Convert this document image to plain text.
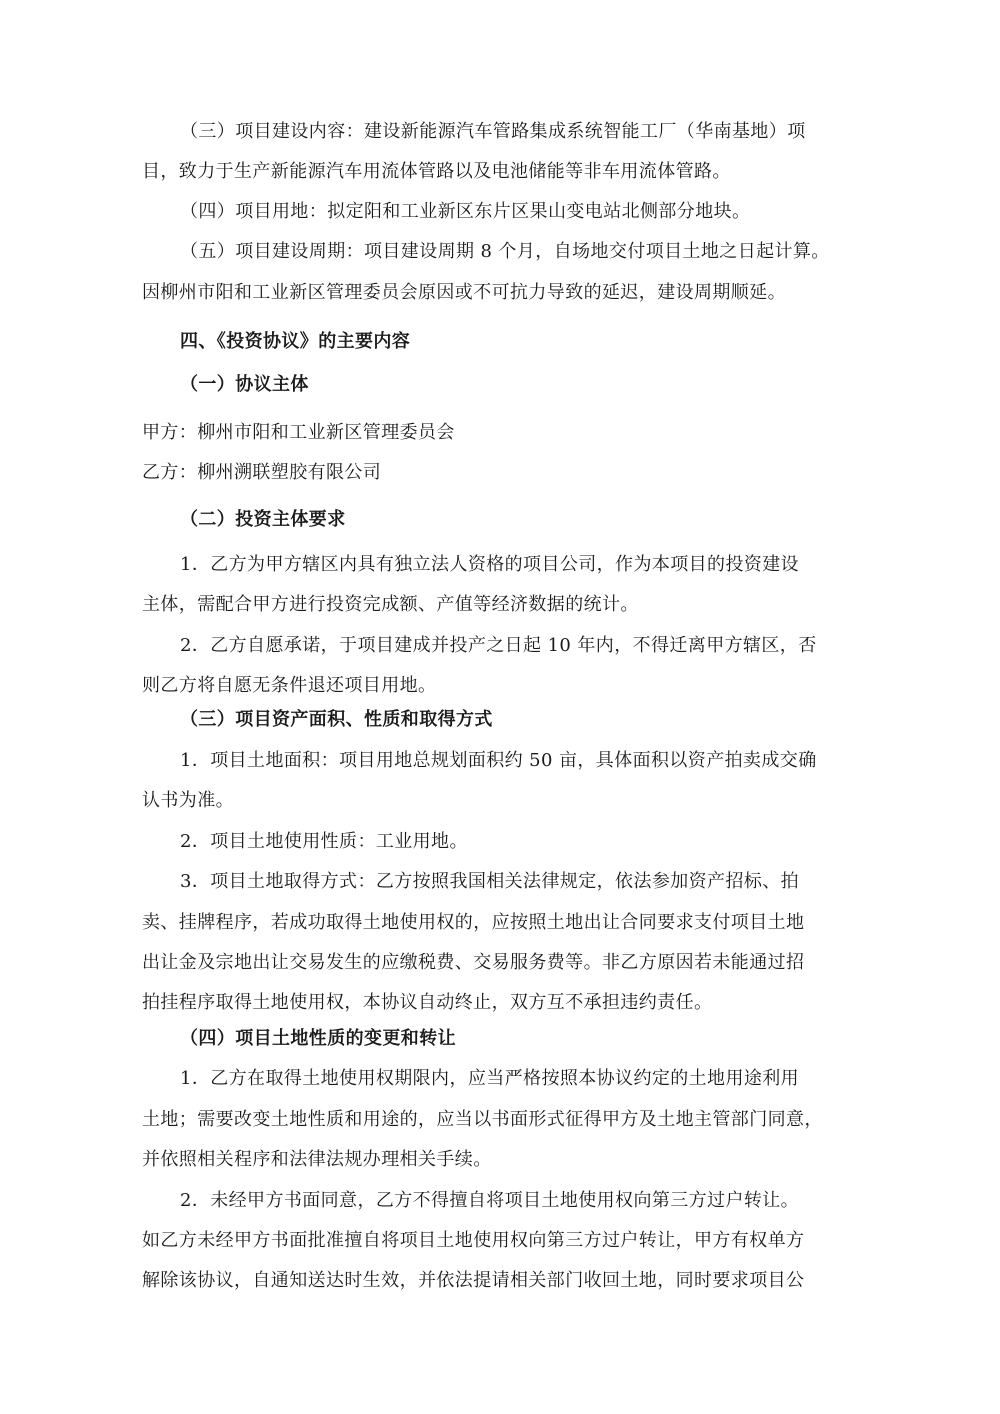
（三）项目建设内容：建设新能源汽车管路集成系统智能工厂（华南基地）项
目，致力于生产新能源汽车用流体管路以及电池储能等非车用流体管路。
（四）项目用地：拟定阳和工业新区东片区果山变电站北侧部分地块。
（五）项目建设周期：项目建设周期 8 个月，自场地交付项目土地之日起计算。
因柳州市阳和工业新区管理委员会原因或不可抗力导致的延迟，建设周期顺延。
四、《投资协议》的主要内容
（一）协议主体
甲方：柳州市阳和工业新区管理委员会
乙方：柳州溯联塑胶有限公司
（二）投资主体要求
1．乙方为甲方辖区内具有独立法人资格的项目公司，作为本项目的投资建设
主体，需配合甲方进行投资完成额、产值等经济数据的统计。
2．乙方自愿承诺，于项目建成并投产之日起 10 年内，不得迁离甲方辖区，否
则乙方将自愿无条件退还项目用地。
（三）项目资产面积、性质和取得方式
1．项目土地面积：项目用地总规划面积约 50 亩，具体面积以资产拍卖成交确
认书为准。
2．项目土地使用性质：工业用地。
3．项目土地取得方式：乙方按照我国相关法律规定，依法参加资产招标、拍
卖、挂牌程序，若成功取得土地使用权的，应按照土地出让合同要求支付项目土地
出让金及宗地出让交易发生的应缴税费、交易服务费等。非乙方原因若未能通过招
拍挂程序取得土地使用权，本协议自动终止，双方互不承担违约责任。
（四）项目土地性质的变更和转让
1．乙方在取得土地使用权期限内，应当严格按照本协议约定的土地用途利用
土地；需要改变土地性质和用途的，应当以书面形式征得甲方及土地主管部门同意，
并依照相关程序和法律法规办理相关手续。
2．未经甲方书面同意，乙方不得擅自将项目土地使用权向第三方过户转让。
如乙方未经甲方书面批准擅自将项目土地使用权向第三方过户转让，甲方有权单方
解除该协议，自通知送达时生效，并依法提请相关部门收回土地，同时要求项目公
